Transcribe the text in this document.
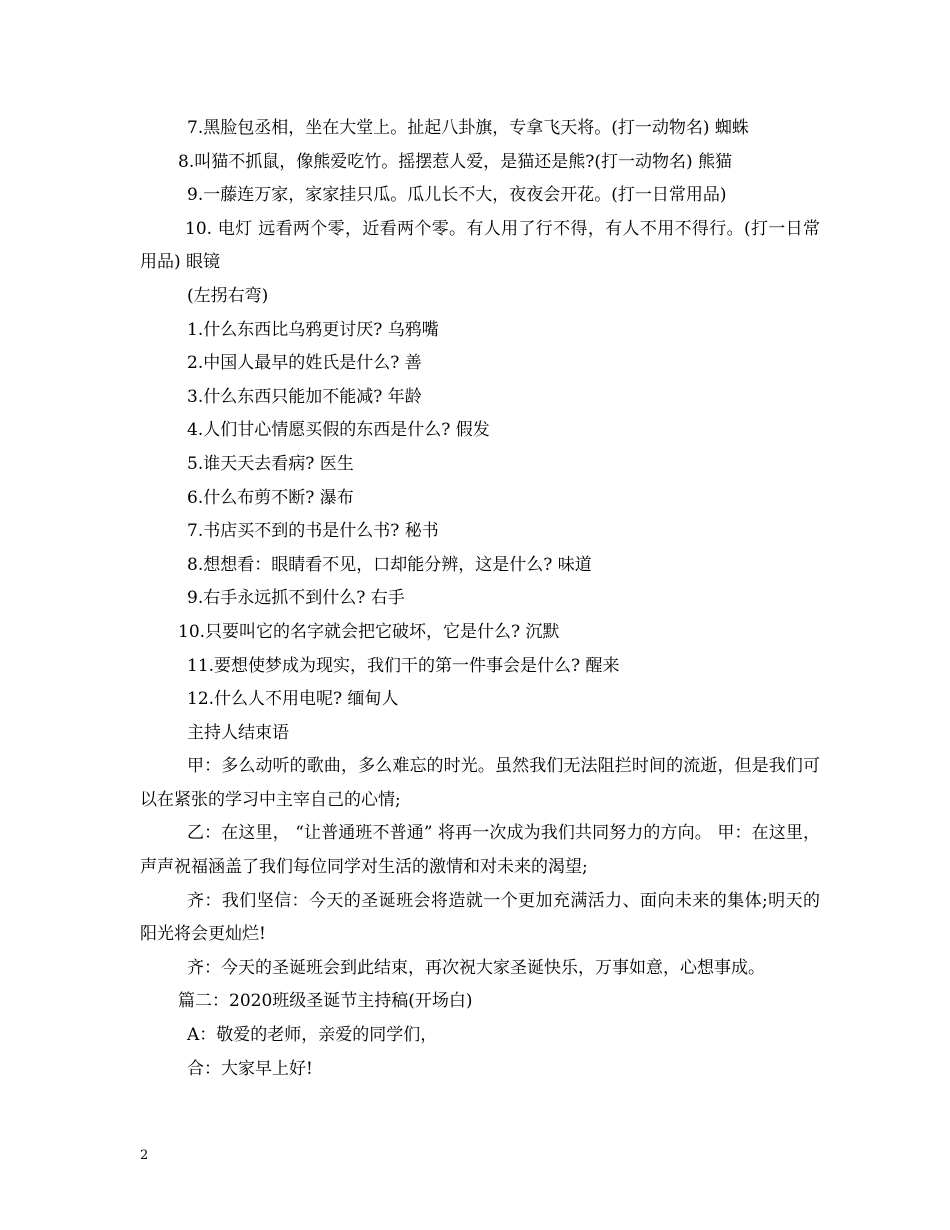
7.黑脸包丞相，坐在大堂上。扯起八卦旗，专拿飞天将。(打一动物名) 蜘蛛

8.叫猫不抓鼠，像熊爱吃竹。摇摆惹人爱，是猫还是熊?(打一动物名) 熊猫

9.一藤连万家，家家挂只瓜。瓜儿长不大，夜夜会开花。(打一日常用品)

10. 电灯 远看两个零，近看两个零。有人用了行不得，有人不用不得行。(打一日常用品) 眼镜

(左拐右弯)

1.什么东西比乌鸦更讨厌? 乌鸦嘴

2.中国人最早的姓氏是什么? 善

3.什么东西只能加不能减? 年龄

4.人们甘心情愿买假的东西是什么? 假发

5.谁天天去看病? 医生

6.什么布剪不断? 瀑布

7.书店买不到的书是什么书? 秘书

8.想想看：眼睛看不见，口却能分辨，这是什么? 味道

9.右手永远抓不到什么? 右手

10.只要叫它的名字就会把它破坏，它是什么? 沉默

11.要想使梦成为现实，我们干的第一件事会是什么? 醒来

12.什么人不用电呢? 缅甸人

主持人结束语

甲：多么动听的歌曲，多么难忘的时光。虽然我们无法阻拦时间的流逝，但是我们可以在紧张的学习中主宰自己的心情;

乙：在这里， “让普通班不普通” 将再一次成为我们共同努力的方向。 甲：在这里，声声祝福涵盖了我们每位同学对生活的激情和对未来的渴望;

齐：我们坚信：今天的圣诞班会将造就一个更加充满活力、面向未来的集体;明天的阳光将会更灿烂!

齐：今天的圣诞班会到此结束，再次祝大家圣诞快乐，万事如意，心想事成。

篇二：2020班级圣诞节主持稿(开场白)

A：敬爱的老师，亲爱的同学们，

合：大家早上好!

2
